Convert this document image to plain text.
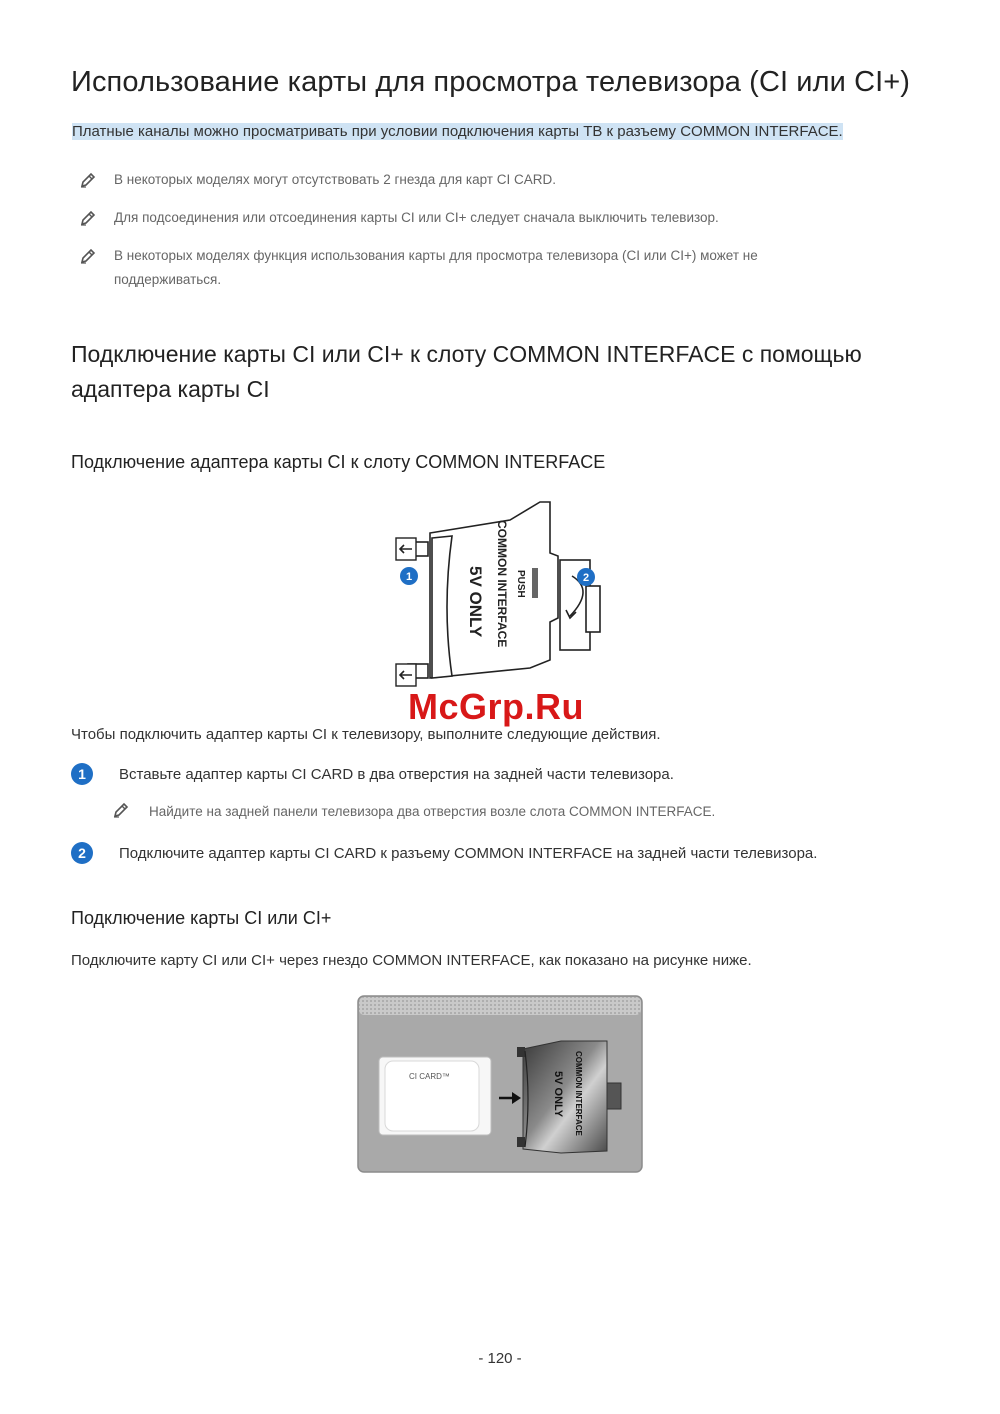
Использование карты для просмотра телевизора (CI или CI+)
Платные каналы можно просматривать при условии подключения карты ТВ к разъему COMMON INTERFACE.
В некоторых моделях могут отсутствовать 2 гнезда для карт CI CARD.
Для подсоединения или отсоединения карты CI или CI+ следует сначала выключить телевизор.
В некоторых моделях функция использования карты для просмотра телевизора (CI или CI+) может не поддерживаться.
Подключение карты CI или CI+ к слоту COMMON INTERFACE с помощью адаптера карты CI
Подключение адаптера карты CI к слоту COMMON INTERFACE
COMMON INTERFACE PUSH
5V ONLY
1	2
McGrp.Ru
Чтобы подключить адаптер карты CI к телевизору, выполните следующие действия.
1	Вставьте адаптер карты CI CARD в два отверстия на задней части телевизора.
Найдите на задней панели телевизора два отверстия возле слота COMMON INTERFACE.
2	Подключите адаптер карты CI CARD к разъему COMMON INTERFACE на задней части телевизора.
Подключение карты CI или CI+
Подключите карту CI или CI+ через гнездо COMMON INTERFACE, как показано на рисунке ниже.
CI CARD™	COMMON INTERFACE
5V ONLY
- 120 -
